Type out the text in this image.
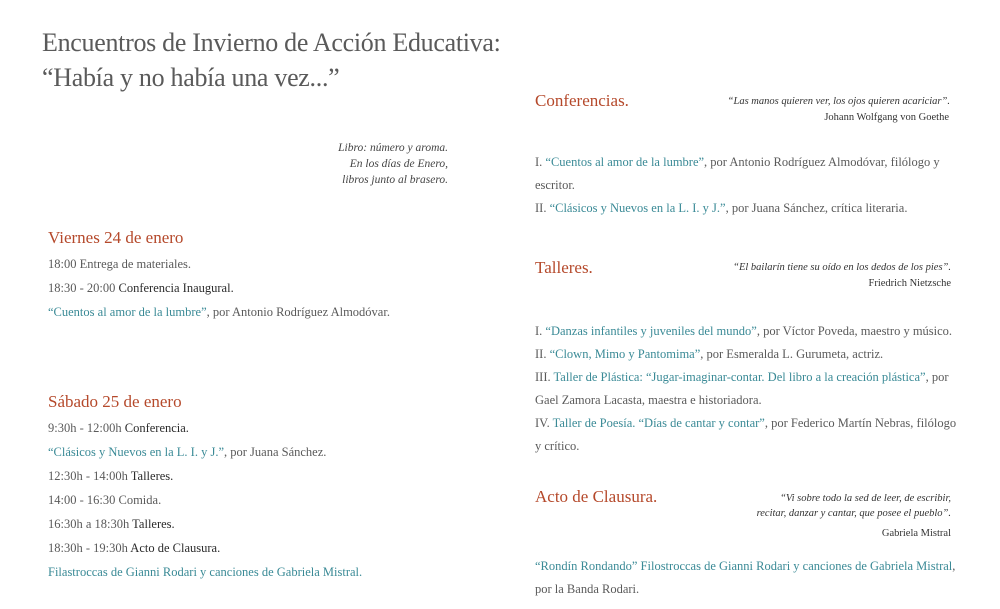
Encuentros de Invierno de Acción Educativa:
“Había y no había una vez...”
Libro: número y aroma.
En los días de Enero,
libros junto al brasero.
Viernes 24 de enero
18:00 Entrega de materiales.
18:30 - 20:00 Conferencia Inaugural.
“Cuentos al amor de la lumbre”, por Antonio Rodríguez Almodóvar.
Sábado 25 de enero
9:30h - 12:00h Conferencia.
“Clásicos y Nuevos en la L. I. y J.”, por Juana Sánchez.
12:30h - 14:00h Talleres.
14:00 - 16:30 Comida.
16:30h a 18:30h Talleres.
18:30h - 19:30h Acto de Clausura.
Filastroccas de Gianni Rodari y canciones de Gabriela Mistral.
Conferencias.	“Las manos quieren ver, los ojos quieren acariciar”.
Johann Wolfgang von Goethe
I. “Cuentos al amor de la lumbre”, por Antonio Rodríguez Almodóvar, filólogo y
escritor.
II. “Clásicos y Nuevos en la L. I. y J.”, por Juana Sánchez, crítica literaria.
Talleres.	“El bailarín tiene su oído en los dedos de los pies”.
Friedrich Nietzsche
I. “Danzas infantiles y juveniles del mundo”, por Víctor Poveda, maestro y músico.
II. “Clown, Mimo y Pantomima”, por Esmeralda L. Gurumeta, actriz.
III. Taller de Plástica: “Jugar-imaginar-contar. Del libro a la creación plástica”, por
Gael Zamora Lacasta, maestra e historiadora.
IV. Taller de Poesía. “Días de cantar y contar”, por Federico Martín Nebras, filólogo
y crítico.
Acto de Clausura.	“Vi sobre todo la sed de leer, de escribir,
recitar, danzar y cantar, que posee el pueblo”.
Gabriela Mistral
“Rondín Rondando” Filostroccas de Gianni Rodari y canciones de Gabriela Mistral,
por la Banda Rodari.
